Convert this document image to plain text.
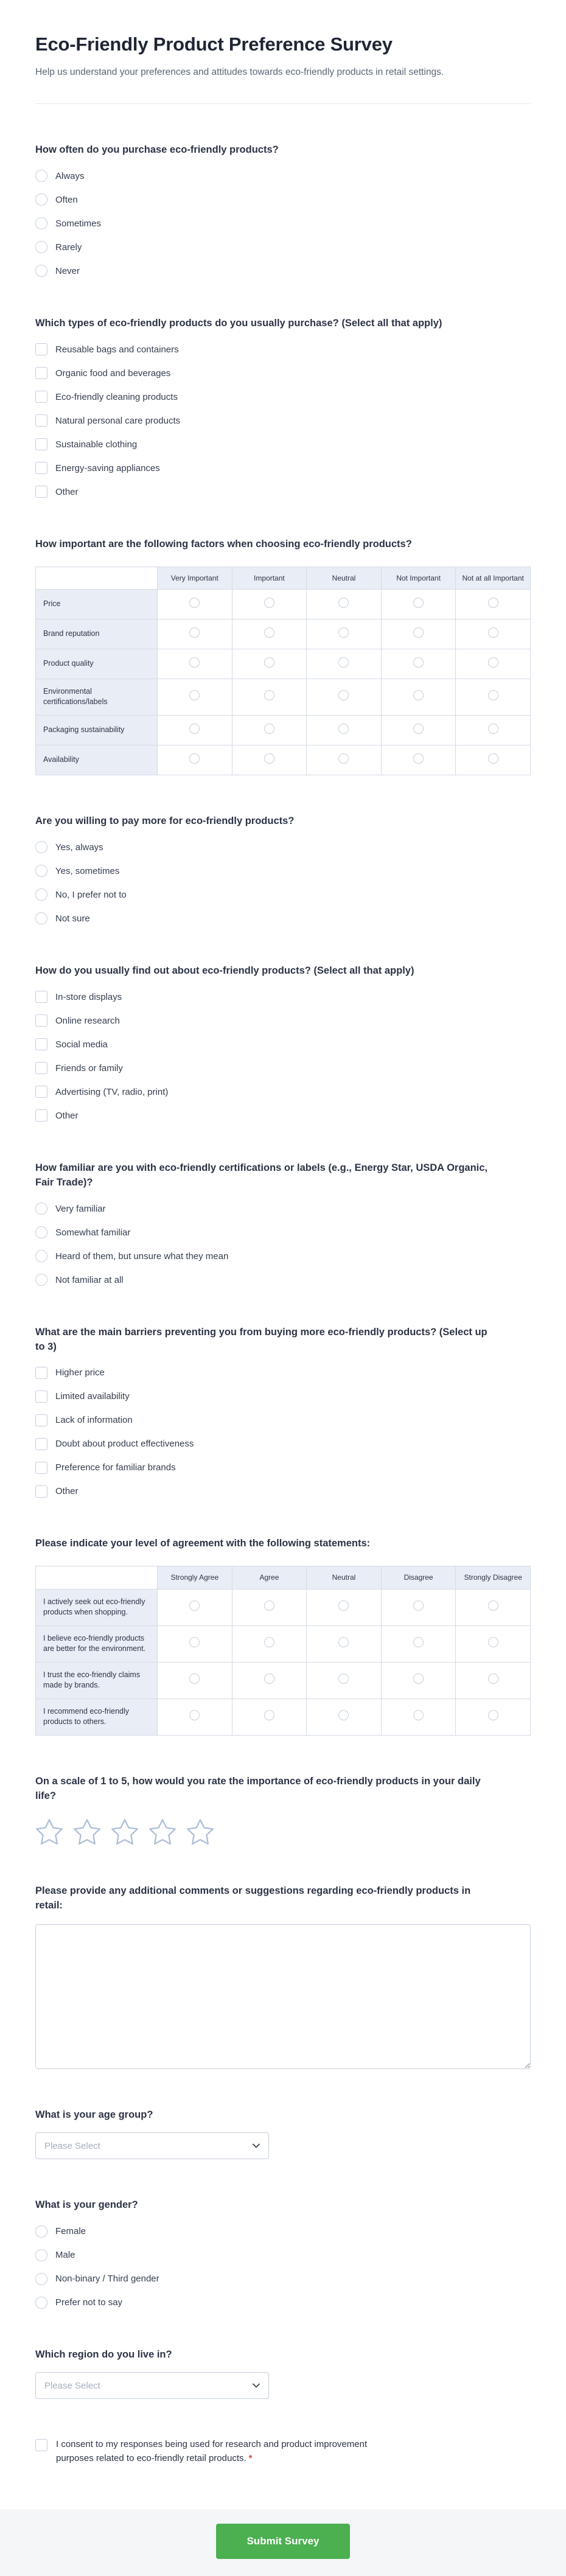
Eco-Friendly Product Preference Survey

Help us understand your preferences and attitudes towards eco-friendly products in retail settings.

How often do you purchase eco-friendly products?
Always
Often
Sometimes
Rarely
Never
Which types of eco-friendly products do you usually purchase? (Select all that apply)
Reusable bags and containers
Organic food and beverages
Eco-friendly cleaning products
Natural personal care products
Sustainable clothing
Energy-saving appliances
Other
How important are the following factors when choosing eco-friendly products?
	Very Important	Important	Neutral	Not Important	Not at all Important
Price					
Brand reputation					
Product quality					
Environmental certifications/labels					
Packaging sustainability					
Availability					
Are you willing to pay more for eco-friendly products?
Yes, always
Yes, sometimes
No, I prefer not to
Not sure
How do you usually find out about eco-friendly products? (Select all that apply)
In-store displays
Online research
Social media
Friends or family
Advertising (TV, radio, print)
Other
How familiar are you with eco-friendly certifications or labels (e.g., Energy Star, USDA Organic, Fair Trade)?
Very familiar
Somewhat familiar
Heard of them, but unsure what they mean
Not familiar at all
What are the main barriers preventing you from buying more eco-friendly products? (Select up to 3)
Higher price
Limited availability
Lack of information
Doubt about product effectiveness
Preference for familiar brands
Other
Please indicate your level of agreement with the following statements:
	Strongly Agree	Agree	Neutral	Disagree	Strongly Disagree
I actively seek out eco-friendly products when shopping.					
I believe eco-friendly products are better for the environment.					
I trust the eco-friendly claims made by brands.					
I recommend eco-friendly products to others.					
On a scale of 1 to 5, how would you rate the importance of eco-friendly products in your daily life?
Please provide any additional comments or suggestions regarding eco-friendly products in retail:
What is your age group?
Please Select
What is your gender?
Female
Male
Non-binary / Third gender
Prefer not to say
Which region do you live in?
Please Select
I consent to my responses being used for research and product improvement purposes related to eco-friendly retail products. *
Submit Survey
